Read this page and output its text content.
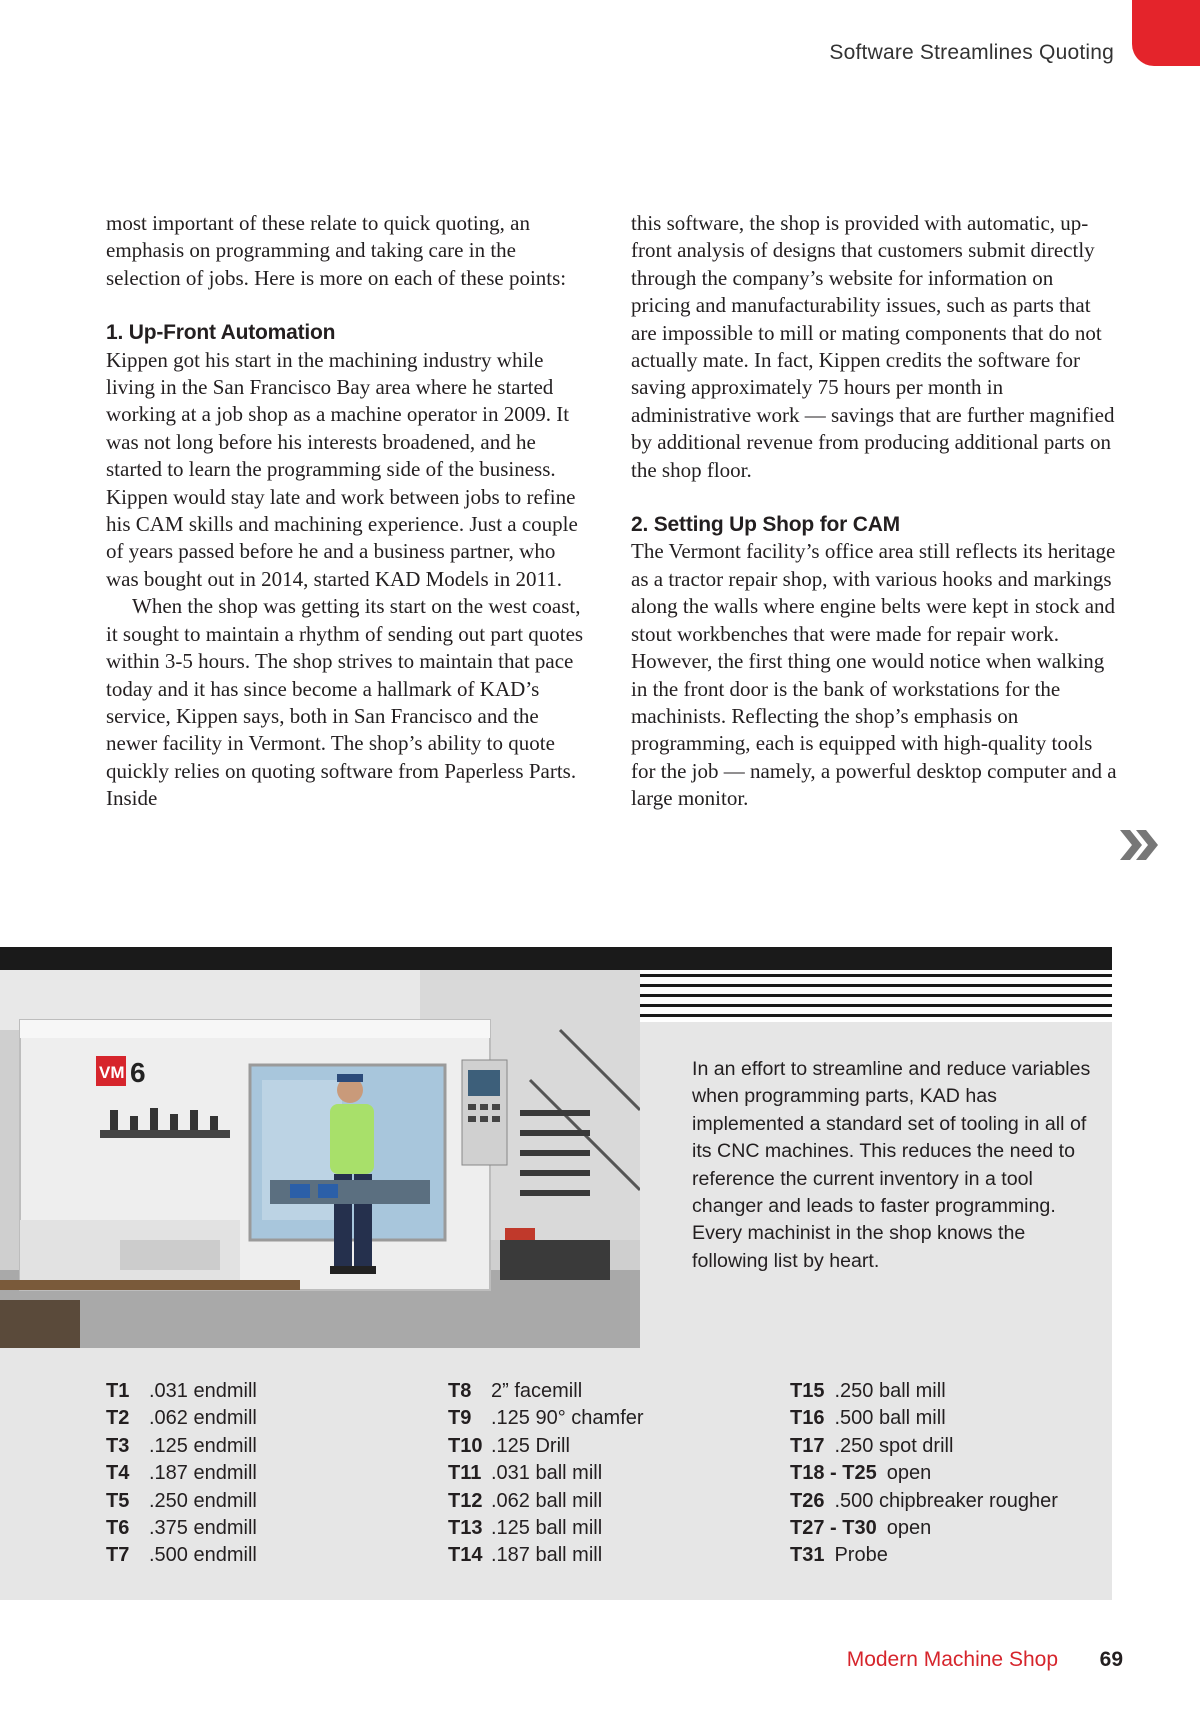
Software Streamlines Quoting

most important of these relate to quick quoting, an emphasis on programming and taking care in the selection of jobs. Here is more on each of these points:

1. Up-Front Automation

Kippen got his start in the machining industry while living in the San Francisco Bay area where he started working at a job shop as a machine operator in 2009. It was not long before his interests broadened, and he started to learn the programming side of the business. Kippen would stay late and work between jobs to refine his CAM skills and machining experience. Just a couple of years passed before he and a business partner, who was bought out in 2014, started KAD Models in 2011.

When the shop was getting its start on the west coast, it sought to maintain a rhythm of sending out part quotes within 3-5 hours. The shop strives to maintain that pace today and it has since become a hallmark of KAD’s service, Kippen says, both in San Francisco and the newer facility in Vermont. The shop’s ability to quote quickly relies on quoting software from Paperless Parts. Inside

this software, the shop is provided with automatic, up-front analysis of designs that customers submit directly through the company’s website for information on pricing and manufacturability issues, such as parts that are impossible to mill or mating components that do not actually mate. In fact, Kippen credits the software for saving approximately 75 hours per month in administrative work — savings that are further magnified by additional revenue from producing additional parts on the shop floor.

2. Setting Up Shop for CAM

The Vermont facility’s office area still reflects its heritage as a tractor repair shop, with various hooks and markings along the walls where engine belts were kept in stock and stout workbenches that were made for repair work. However, the first thing one would notice when walking in the front door is the bank of workstations for the machinists. Reflecting the shop’s emphasis on programming, each is equipped with high-quality tools for the job — namely, a powerful desktop computer and a large monitor.

VM 6	In an effort to streamline and reduce variables when programming parts, KAD has implemented a standard set of tooling in all of its CNC machines. This reduces the need to reference the current inventory in a tool changer and leads to faster programming. Every machinist in the shop knows the following list by heart.
T1 .031 endmill
T2 .062 endmill
T3 .125 endmill
T4 .187 endmill
T5 .250 endmill
T6 .375 endmill
T7 .500 endmill
T8 2” facemill
T9 .125 90° chamfer
T10 .125 Drill
T11 .031 ball mill
T12 .062 ball mill
T13 .125 ball mill
T14 .187 ball mill
T15 .250 ball mill
T16 .500 ball mill
T17 .250 spot drill
T18 - T25 open
T26 .500 chipbreaker rougher
T27 - T30 open
T31 Probe
Modern Machine Shop 69
